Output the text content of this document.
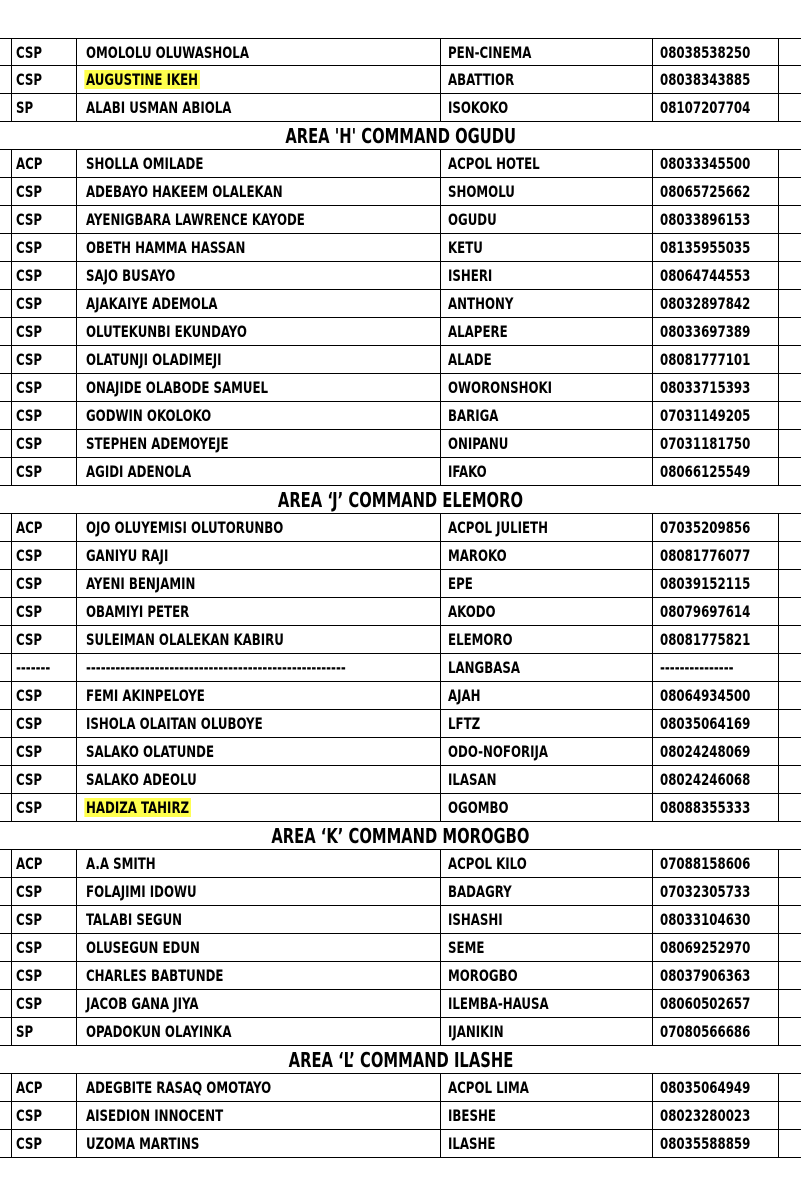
CSP	OMOLOLU OLUWASHOLA	PEN-CINEMA	08038538250
CSP	AUGUSTINE IKEH	ABATTIOR	08038343885
SP	ALABI USMAN ABIOLA	ISOKOKO	08107207704
AREA 'H' COMMAND OGUDU
ACP	SHOLLA OMILADE	ACPOL HOTEL	08033345500
CSP	ADEBAYO HAKEEM OLALEKAN	SHOMOLU	08065725662
CSP	AYENIGBARA LAWRENCE KAYODE	OGUDU	08033896153
CSP	OBETH HAMMA HASSAN	KETU	08135955035
CSP	SAJO BUSAYO	ISHERI	08064744553
CSP	AJAKAIYE ADEMOLA	ANTHONY	08032897842
CSP	OLUTEKUNBI EKUNDAYO	ALAPERE	08033697389
CSP	OLATUNJI OLADIMEJI	ALADE	08081777101
CSP	ONAJIDE OLABODE SAMUEL	OWORONSHOKI	08033715393
CSP	GODWIN OKOLOKO	BARIGA	07031149205
CSP	STEPHEN ADEMOYEJE	ONIPANU	07031181750
CSP	AGIDI ADENOLA	IFAKO	08066125549
AREA ‘J’ COMMAND ELEMORO
ACP	OJO OLUYEMISI OLUTORUNBO	ACPOL JULIETH	07035209856
CSP	GANIYU RAJI	MAROKO	08081776077
CSP	AYENI BENJAMIN	EPE	08039152115
CSP	OBAMIYI PETER	AKODO	08079697614
CSP	SULEIMAN OLALEKAN KABIRU	ELEMORO	08081775821
------- -----------------------------------------------------	LANGBASA	---------------
CSP	FEMI AKINPELOYE	AJAH	08064934500
CSP	ISHOLA OLAITAN OLUBOYE	LFTZ	08035064169
CSP	SALAKO OLATUNDE	ODO-NOFORIJA	08024248069
CSP	SALAKO ADEOLU	ILASAN	08024246068
CSP	HADIZA TAHIRZ	OGOMBO	08088355333
AREA ‘K’ COMMAND MOROGBO
ACP	A.A SMITH	ACPOL KILO	07088158606
CSP	FOLAJIMI IDOWU	BADAGRY	07032305733
CSP	TALABI SEGUN	ISHASHI	08033104630
CSP	OLUSEGUN EDUN	SEME	08069252970
CSP	CHARLES BABTUNDE	MOROGBO	08037906363
CSP	JACOB GANA JIYA	ILEMBA-HAUSA	08060502657
SP	OPADOKUN OLAYINKA	IJANIKIN	07080566686
AREA ‘L’ COMMAND ILASHE
ACP	ADEGBITE RASAQ OMOTAYO	ACPOL LIMA	08035064949
CSP	AISEDION INNOCENT	IBESHE	08023280023
CSP	UZOMA MARTINS	ILASHE	08035588859
